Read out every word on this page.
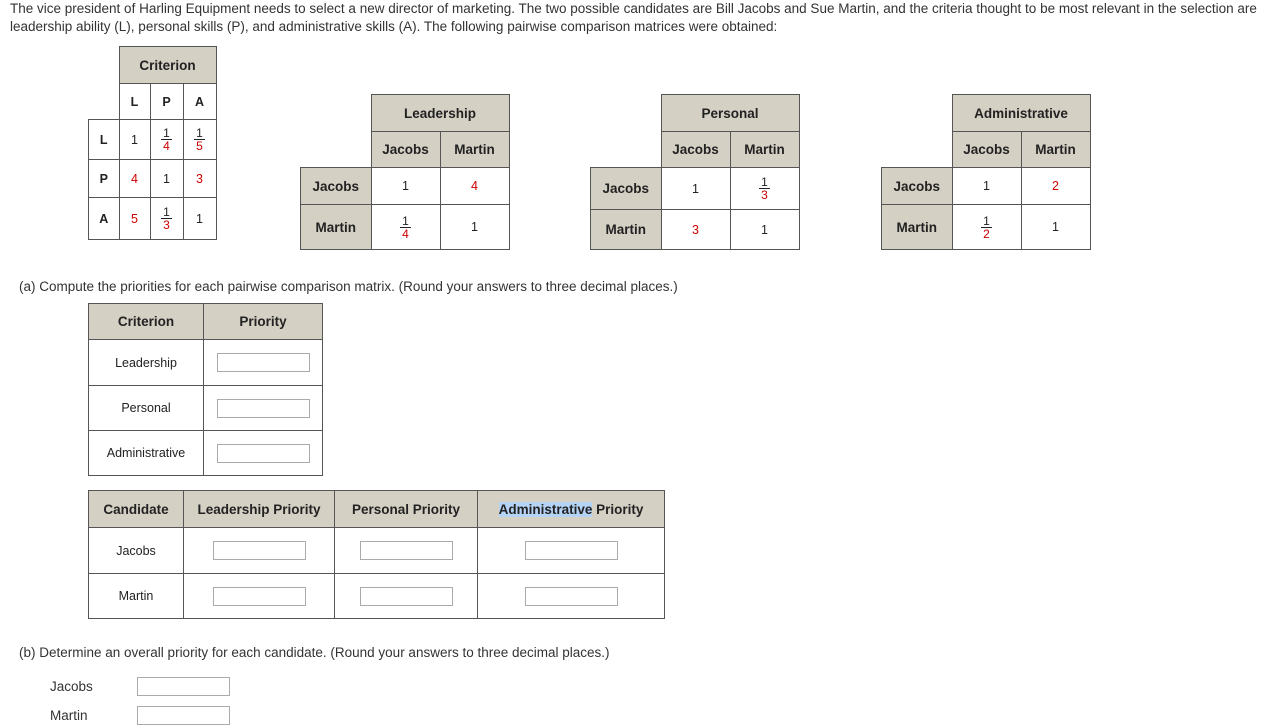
The vice president of Harling Equipment needs to select a new director of marketing. The two possible candidates are Bill Jacobs and Sue Martin, and the criteria thought to be most relevant in the selection are leadership ability (L), personal skills (P), and administrative skills (A). The following pairwise comparison matrices were obtained:
	Criterion		
	L	P	A
L	1	$\frac{1}{4}$	$\frac{1}{5}$

P	4	1	3
A	5	$\frac{1}{3}$	1
	Leadership	
	Jacobs	Martin
Jacobs	1	4
Martin	$\frac{1}{4}$	1
	Personal	
	Jacobs	Martin
Jacobs	1	$\frac{1}{3}$

Martin	3	1
	Administrative	
	Jacobs	Martin
Jacobs	1	2
Martin	$\frac{1}{2}$	1
(a) Compute the priorities for each pairwise comparison matrix. (Round your answers to three decimal places.)
Criterion	Priority
Leadership	
Personal	
Administrative	
Candidate	Leadership Priority	Personal Priority	Administrative Priority
Jacobs			
Martin			
(b) Determine an overall priority for each candidate. (Round your answers to three decimal places.)
Jacobs
Martin
